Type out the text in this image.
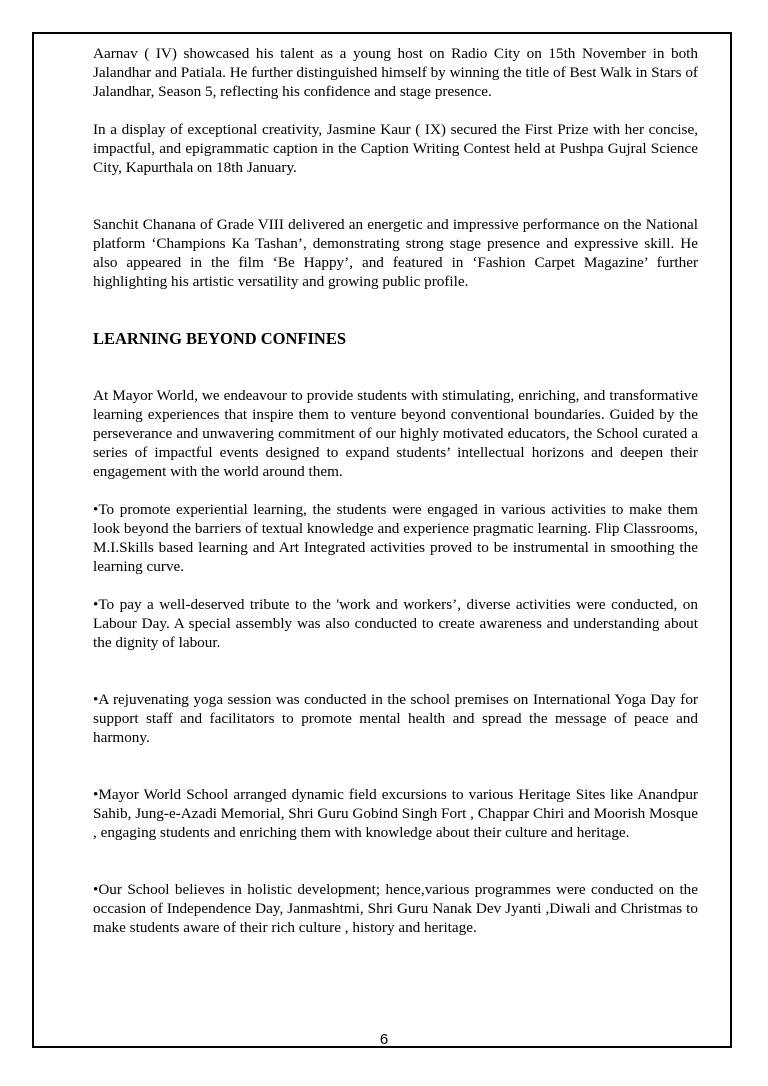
Aarnav ( IV) showcased his talent as a young host on Radio City on 15th November in both Jalandhar and Patiala. He further distinguished himself by winning the title of Best Walk in Stars of Jalandhar, Season 5, reflecting his confidence and stage presence.

In a display of exceptional creativity, Jasmine Kaur ( IX) secured the First Prize with her concise, impactful, and epigrammatic caption in the Caption Writing Contest held at Pushpa Gujral Science City, Kapurthala on 18th January.

Sanchit Chanana of Grade VIII delivered an energetic and impressive performance on the National platform ‘Champions Ka Tashan’, demonstrating strong stage presence and expressive skill. He also appeared in the film ‘Be Happy’, and featured in ‘Fashion Carpet Magazine’ further highlighting his artistic versatility and growing public profile.

LEARNING BEYOND CONFINES

At Mayor World, we endeavour to provide students with stimulating, enriching, and transformative learning experiences that inspire them to venture beyond conventional boundaries. Guided by the perseverance and unwavering commitment of our highly motivated educators, the School curated a series of impactful events designed to expand students’ intellectual horizons and deepen their engagement with the world around them.

•To promote experiential learning, the students were engaged in various activities to make them look beyond the barriers of textual knowledge and experience pragmatic learning. Flip Classrooms, M.I.Skills based learning and Art Integrated activities proved to be instrumental in smoothing the learning curve.

•To pay a well-deserved tribute to the 'work and workers’, diverse activities were conducted, on Labour Day. A special assembly was also conducted to create awareness and understanding about the dignity of labour.

•A rejuvenating yoga session was conducted in the school premises on International Yoga Day for support staff and facilitators to promote mental health and spread the message of peace and harmony.

•Mayor World School arranged dynamic field excursions to various Heritage Sites like Anandpur Sahib, Jung-e-Azadi Memorial, Shri Guru Gobind Singh Fort , Chappar Chiri and Moorish Mosque , engaging students and enriching them with knowledge about their culture and heritage.

•Our School believes in holistic development; hence,various programmes were conducted on the occasion of Independence Day, Janmashtmi, Shri Guru Nanak Dev Jyanti ,Diwali and Christmas to make students aware of their rich culture , history and heritage.

6
